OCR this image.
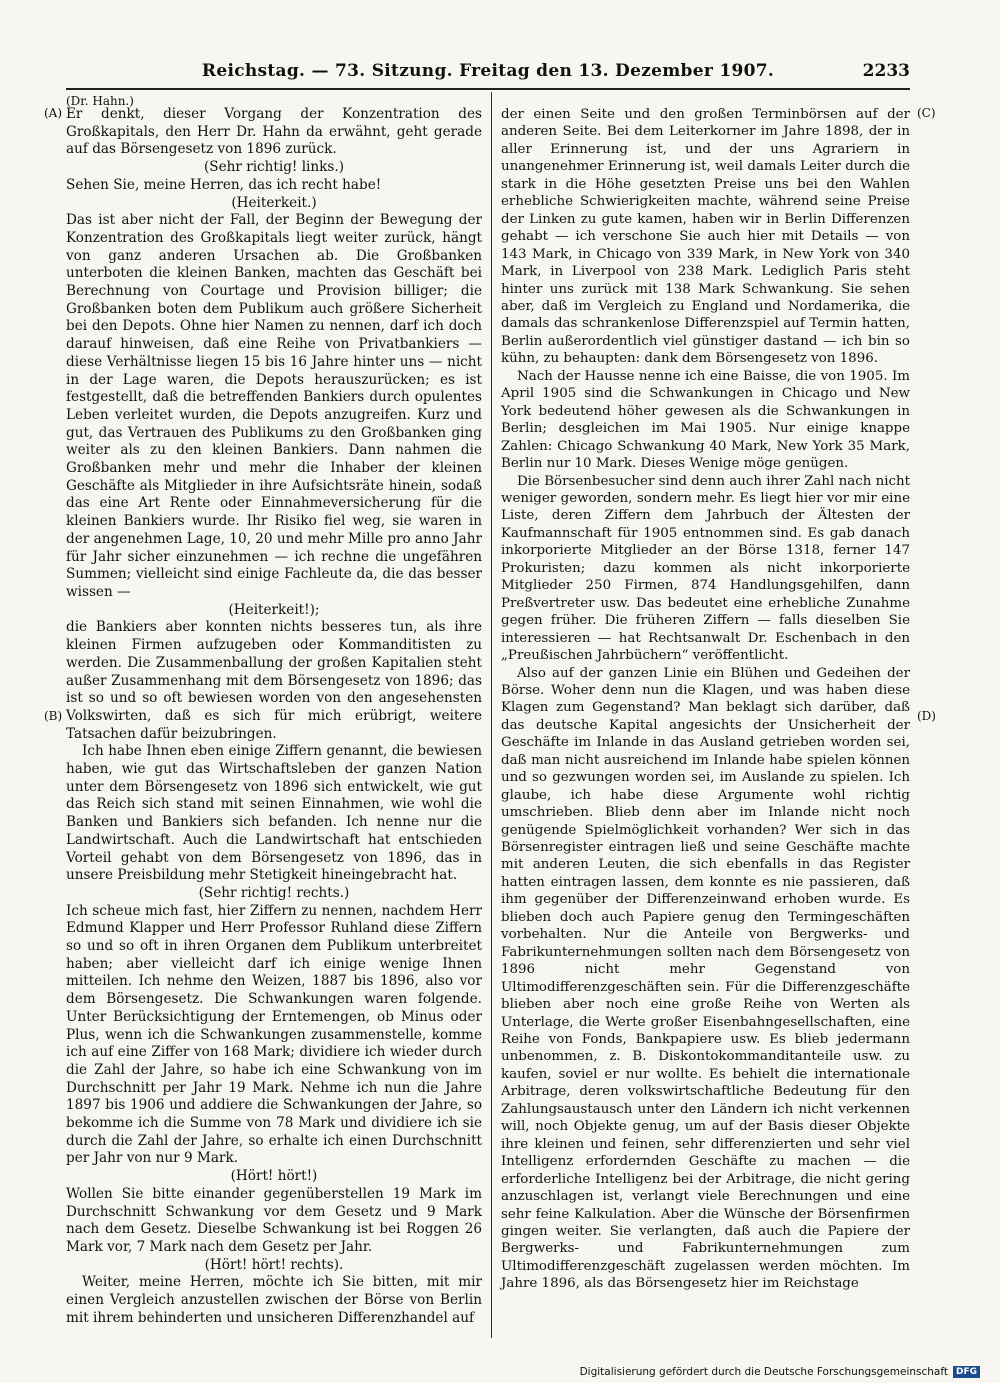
Reichstag. — 73. Sitzung. Freitag den 13. Dezember 1907.	2233
(Dr. Hahn.)
(A)
(B)
(C)
(D)

Er denkt, dieser Vorgang der Konzentration des Großkapitals, den Herr Dr. Hahn da erwähnt, geht gerade auf das Börsengesetz von 1896 zurück.

(Sehr richtig! links.)

Sehen Sie, meine Herren, das ich recht habe!

(Heiterkeit.)

Das ist aber nicht der Fall, der Beginn der Bewegung der Konzentration des Großkapitals liegt weiter zurück, hängt von ganz anderen Ursachen ab. Die Großbanken unterboten die kleinen Banken, machten das Geschäft bei Berechnung von Courtage und Provision billiger; die Großbanken boten dem Publikum auch größere Sicherheit bei den Depots. Ohne hier Namen zu nennen, darf ich doch darauf hinweisen, daß eine Reihe von Privatbankiers — diese Verhältnisse liegen 15 bis 16 Jahre hinter uns — nicht in der Lage waren, die Depots herauszurücken; es ist festgestellt, daß die betreffenden Bankiers durch opulentes Leben verleitet wurden, die Depots anzugreifen. Kurz und gut, das Vertrauen des Publikums zu den Großbanken ging weiter als zu den kleinen Bankiers. Dann nahmen die Großbanken mehr und mehr die Inhaber der kleinen Geschäfte als Mitglieder in ihre Aufsichtsräte hinein, sodaß das eine Art Rente oder Einnahmeversicherung für die kleinen Bankiers wurde. Ihr Risiko fiel weg, sie waren in der angenehmen Lage, 10, 20 und mehr Mille pro anno Jahr für Jahr sicher einzunehmen — ich rechne die ungefähren Summen; vielleicht sind einige Fachleute da, die das besser wissen —

(Heiterkeit!);

die Bankiers aber konnten nichts besseres tun, als ihre kleinen Firmen aufzugeben oder Kommanditisten zu werden. Die Zusammenballung der großen Kapitalien steht außer Zusammenhang mit dem Börsengesetz von 1896; das ist so und so oft bewiesen worden von den angesehensten Volkswirten, daß es sich für mich erübrigt, weitere Tatsachen dafür beizubringen.

Ich habe Ihnen eben einige Ziffern genannt, die bewiesen haben, wie gut das Wirtschaftsleben der ganzen Nation unter dem Börsengesetz von 1896 sich entwickelt, wie gut das Reich sich stand mit seinen Einnahmen, wie wohl die Banken und Bankiers sich befanden. Ich nenne nur die Landwirtschaft. Auch die Landwirtschaft hat entschieden Vorteil gehabt von dem Börsengesetz von 1896, das in unsere Preisbildung mehr Stetigkeit hineingebracht hat.

(Sehr richtig! rechts.)

Ich scheue mich fast, hier Ziffern zu nennen, nachdem Herr Edmund Klapper und Herr Professor Ruhland diese Ziffern so und so oft in ihren Organen dem Publikum unterbreitet haben; aber vielleicht darf ich einige wenige Ihnen mitteilen. Ich nehme den Weizen, 1887 bis 1896, also vor dem Börsengesetz. Die Schwankungen waren folgende. Unter Berücksichtigung der Erntemengen, ob Minus oder Plus, wenn ich die Schwankungen zusammenstelle, komme ich auf eine Ziffer von 168 Mark; dividiere ich wieder durch die Zahl der Jahre, so habe ich eine Schwankung von im Durchschnitt per Jahr 19 Mark. Nehme ich nun die Jahre 1897 bis 1906 und addiere die Schwankungen der Jahre, so bekomme ich die Summe von 78 Mark und dividiere ich sie durch die Zahl der Jahre, so erhalte ich einen Durchschnitt per Jahr von nur 9 Mark.

(Hört! hört!)

Wollen Sie bitte einander gegenüberstellen 19 Mark im Durchschnitt Schwankung vor dem Gesetz und 9 Mark nach dem Gesetz. Dieselbe Schwankung ist bei Roggen 26 Mark vor, 7 Mark nach dem Gesetz per Jahr.

(Hört! hört! rechts).

Weiter, meine Herren, möchte ich Sie bitten, mit mir einen Vergleich anzustellen zwischen der Börse von Berlin mit ihrem behinderten und unsicheren Differenzhandel auf

der einen Seite und den großen Terminbörsen auf der anderen Seite. Bei dem Leiterkorner im Jahre 1898, der in aller Erinnerung ist, und der uns Agrariern in unangenehmer Erinnerung ist, weil damals Leiter durch die stark in die Höhe gesetzten Preise uns bei den Wahlen erhebliche Schwierigkeiten machte, während seine Preise der Linken zu gute kamen, haben wir in Berlin Differenzen gehabt — ich verschone Sie auch hier mit Details — von 143 Mark, in Chicago von 339 Mark, in New York von 340 Mark, in Liverpool von 238 Mark. Lediglich Paris steht hinter uns zurück mit 138 Mark Schwankung. Sie sehen aber, daß im Vergleich zu England und Nordamerika, die damals das schrankenlose Differenzspiel auf Termin hatten, Berlin außerordentlich viel günstiger dastand — ich bin so kühn, zu behaupten: dank dem Börsengesetz von 1896.

Nach der Hausse nenne ich eine Baisse, die von 1905. Im April 1905 sind die Schwankungen in Chicago und New York bedeutend höher gewesen als die Schwankungen in Berlin; desgleichen im Mai 1905. Nur einige knappe Zahlen: Chicago Schwankung 40 Mark, New York 35 Mark, Berlin nur 10 Mark. Dieses Wenige möge genügen.

Die Börsenbesucher sind denn auch ihrer Zahl nach nicht weniger geworden, sondern mehr. Es liegt hier vor mir eine Liste, deren Ziffern dem Jahrbuch der Ältesten der Kaufmannschaft für 1905 entnommen sind. Es gab danach inkorporierte Mitglieder an der Börse 1318, ferner 147 Prokuristen; dazu kommen als nicht inkorporierte Mitglieder 250 Firmen, 874 Handlungsgehilfen, dann Preßvertreter usw. Das bedeutet eine erhebliche Zunahme gegen früher. Die früheren Ziffern — falls dieselben Sie interessieren — hat Rechtsanwalt Dr. Eschenbach in den „Preußischen Jahrbüchern“ veröffentlicht.

Also auf der ganzen Linie ein Blühen und Gedeihen der Börse. Woher denn nun die Klagen, und was haben diese Klagen zum Gegenstand? Man beklagt sich darüber, daß das deutsche Kapital angesichts der Unsicherheit der Geschäfte im Inlande in das Ausland getrieben worden sei, daß man nicht ausreichend im Inlande habe spielen können und so gezwungen worden sei, im Auslande zu spielen. Ich glaube, ich habe diese Argumente wohl richtig umschrieben. Blieb denn aber im Inlande nicht noch genügende Spielmöglichkeit vorhanden? Wer sich in das Börsenregister eintragen ließ und seine Geschäfte machte mit anderen Leuten, die sich ebenfalls in das Register hatten eintragen lassen, dem konnte es nie passieren, daß ihm gegenüber der Differenzeinwand erhoben wurde. Es blieben doch auch Papiere genug den Termingeschäften vorbehalten. Nur die Anteile von Bergwerks- und Fabrikunternehmungen sollten nach dem Börsengesetz von 1896 nicht mehr Gegenstand von Ultimodifferenzgeschäften sein. Für die Differenzgeschäfte blieben aber noch eine große Reihe von Werten als Unterlage, die Werte großer Eisenbahngesellschaften, eine Reihe von Fonds, Bankpapiere usw. Es blieb jedermann unbenommen, z. B. Diskontokommanditanteile usw. zu kaufen, soviel er nur wollte. Es behielt die internationale Arbitrage, deren volkswirtschaftliche Bedeutung für den Zahlungsaustausch unter den Ländern ich nicht verkennen will, noch Objekte genug, um auf der Basis dieser Objekte ihre kleinen und feinen, sehr differenzierten und sehr viel Intelligenz erfordernden Geschäfte zu machen — die erforderliche Intelligenz bei der Arbitrage, die nicht gering anzuschlagen ist, verlangt viele Berechnungen und eine sehr feine Kalkulation. Aber die Wünsche der Börsenfirmen gingen weiter. Sie verlangten, daß auch die Papiere der Bergwerks- und Fabrikunternehmungen zum Ultimodifferenzgeschäft zugelassen werden möchten. Im Jahre 1896, als das Börsengesetz hier im Reichstage

Digitalisierung gefördert durch die Deutsche Forschungsgemeinschaft DFG
